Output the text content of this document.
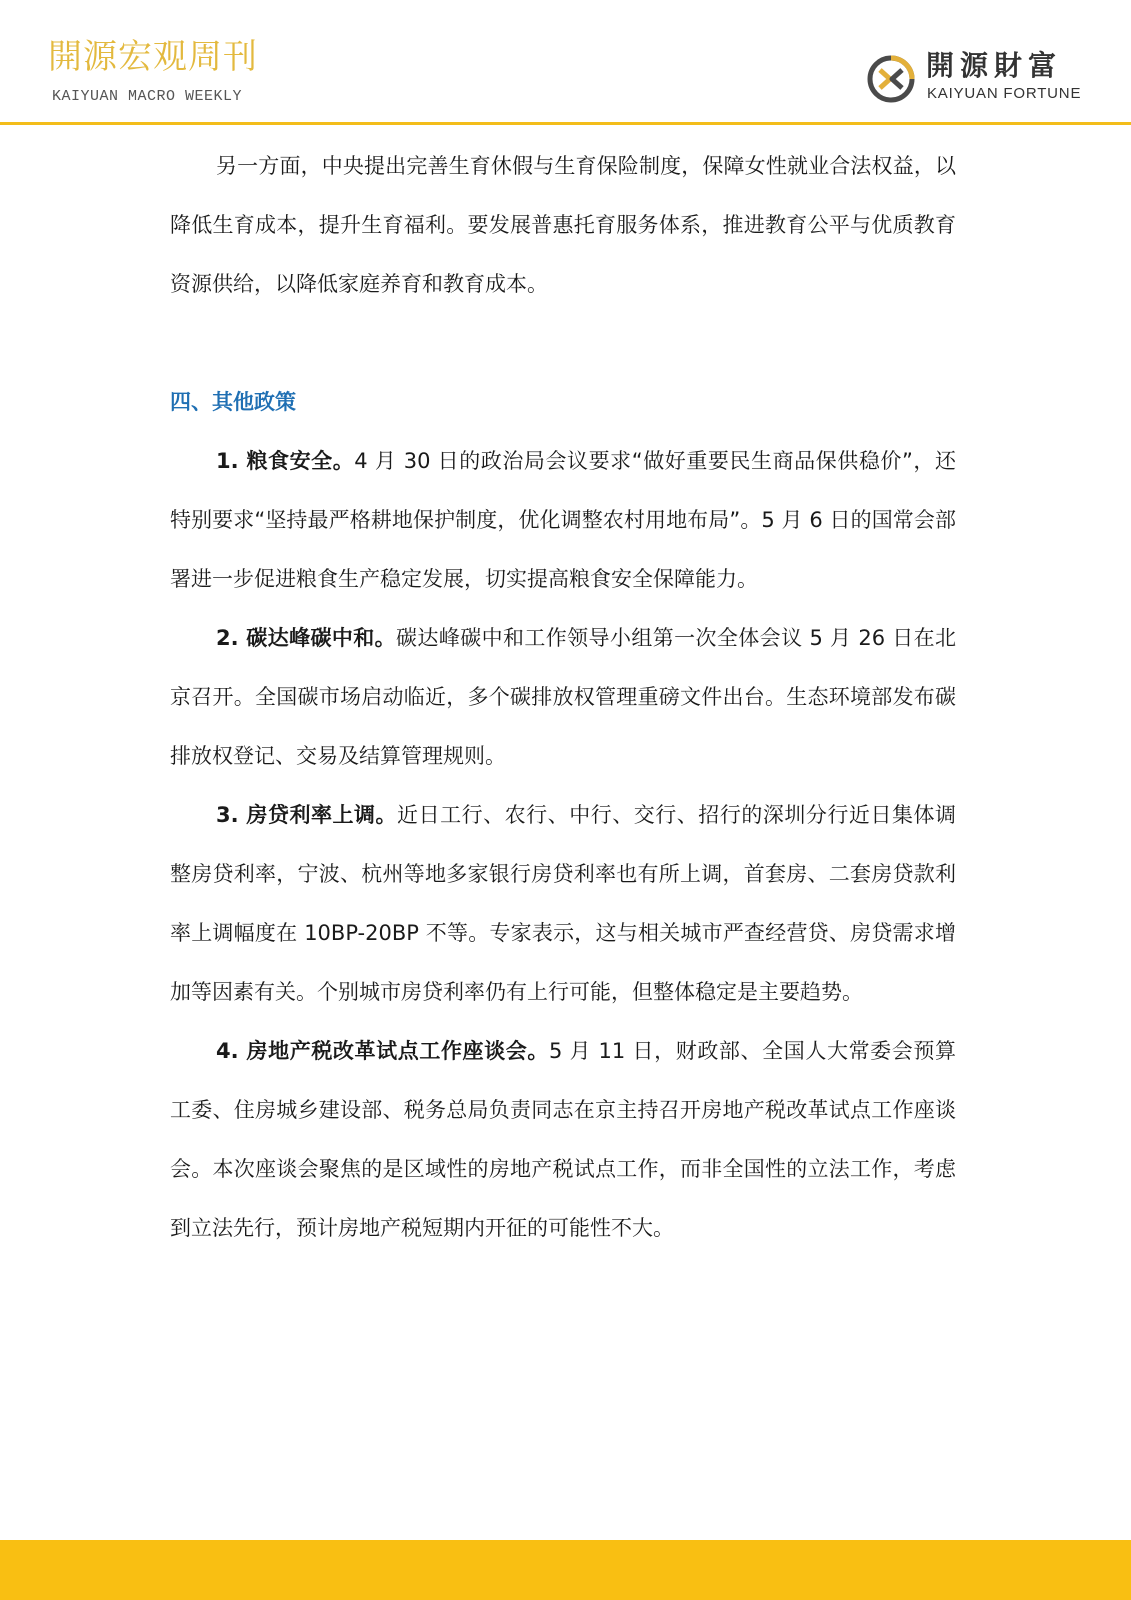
開源宏观周刊
KAIYUAN MACRO WEEKLY
開源財富
KAIYUAN FORTUNE

另一方面，中央提出完善生育休假与生育保险制度，保障女性就业合法权益，以降低生育成本，提升生育福利。要发展普惠托育服务体系，推进教育公平与优质教育资源供给，以降低家庭养育和教育成本。

四、其他政策

1. 粮食安全。4 月 30 日的政治局会议要求“做好重要民生商品保供稳价”，还特别要求“坚持最严格耕地保护制度，优化调整农村用地布局”。5 月 6 日的国常会部署进一步促进粮食生产稳定发展，切实提高粮食安全保障能力。

2. 碳达峰碳中和。碳达峰碳中和工作领导小组第一次全体会议 5 月 26 日在北京召开。全国碳市场启动临近，多个碳排放权管理重磅文件出台。生态环境部发布碳排放权登记、交易及结算管理规则。

3. 房贷利率上调。近日工行、农行、中行、交行、招行的深圳分行近日集体调整房贷利率，宁波、杭州等地多家银行房贷利率也有所上调，首套房、二套房贷款利率上调幅度在 10BP-20BP 不等。专家表示，这与相关城市严查经营贷、房贷需求增加等因素有关。个别城市房贷利率仍有上行可能，但整体稳定是主要趋势。

4. 房地产税改革试点工作座谈会。5 月 11 日，财政部、全国人大常委会预算工委、住房城乡建设部、税务总局负责同志在京主持召开房地产税改革试点工作座谈会。本次座谈会聚焦的是区域性的房地产税试点工作，而非全国性的立法工作，考虑到立法先行，预计房地产税短期内开征的可能性不大。
